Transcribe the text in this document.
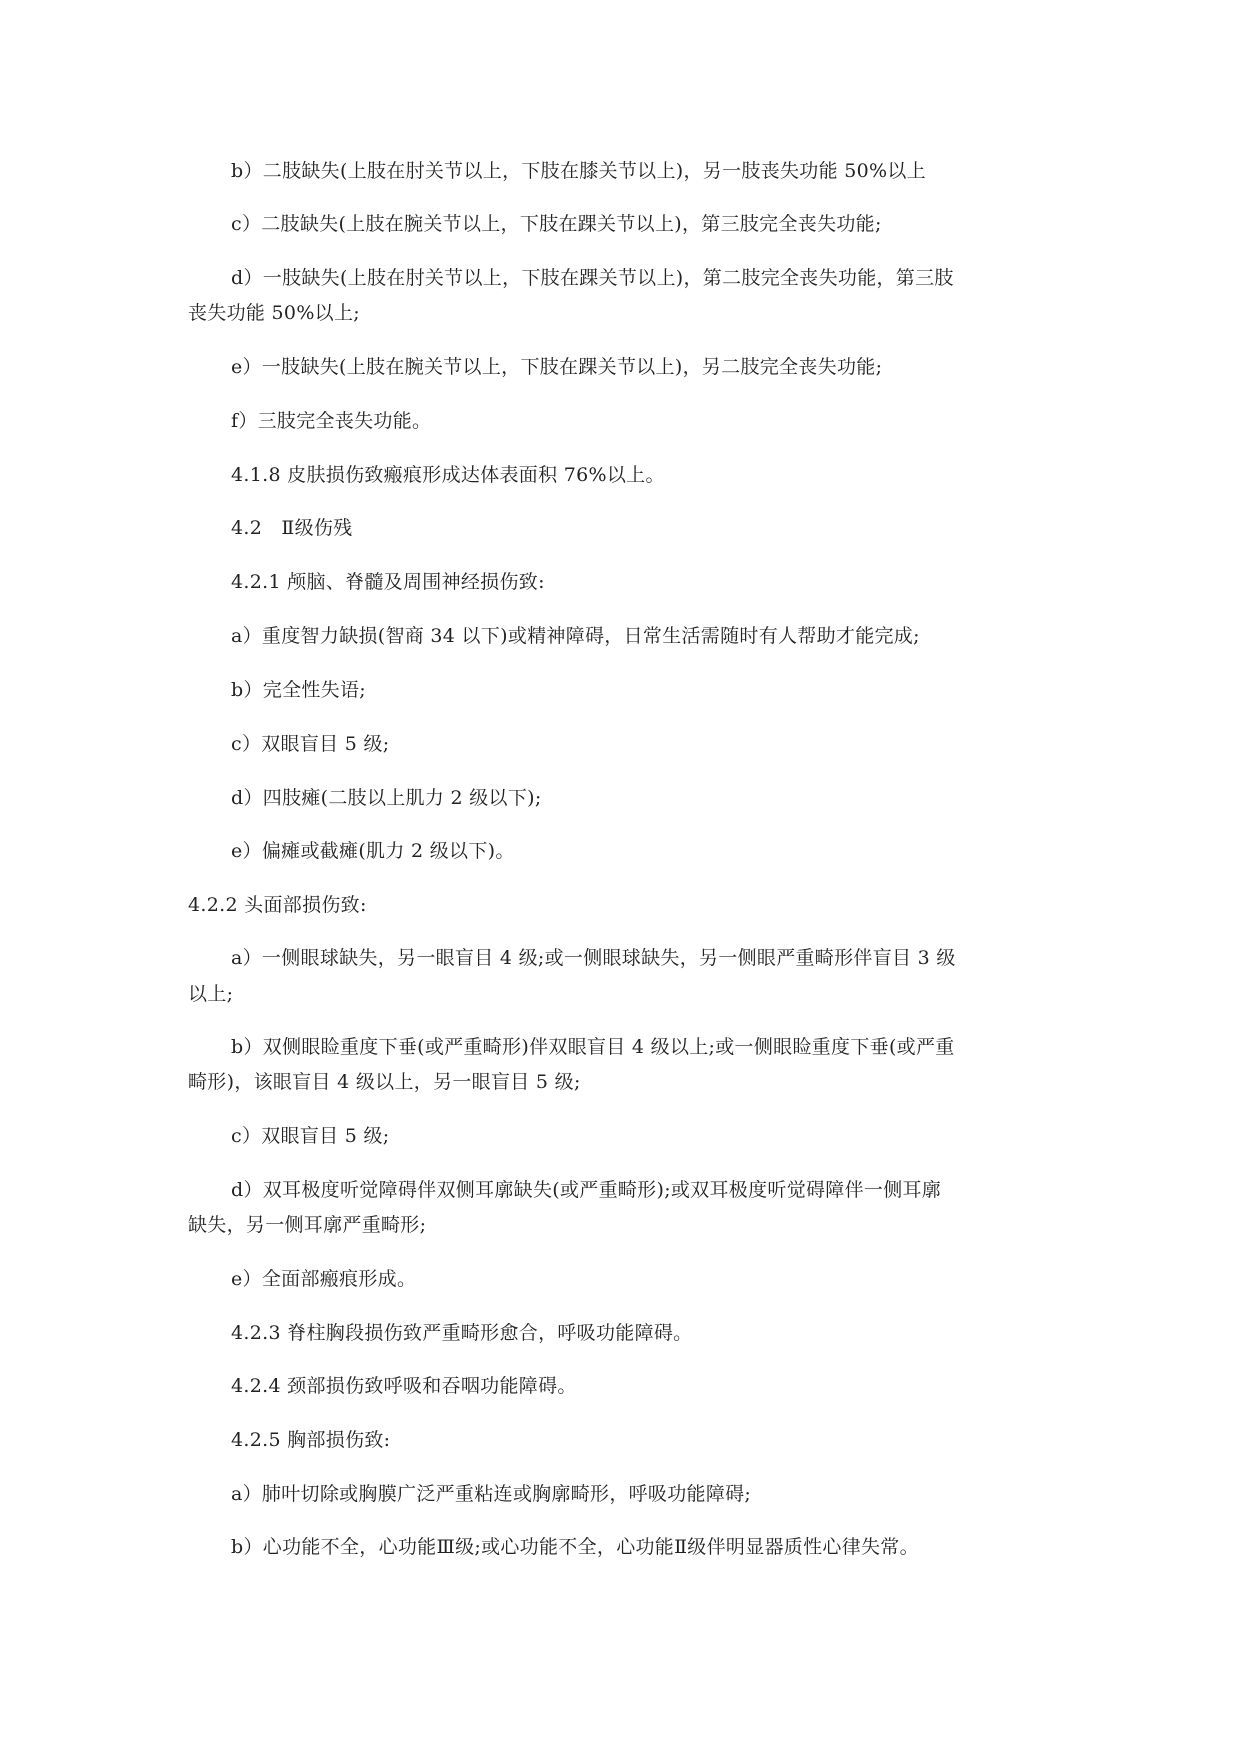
b）二肢缺失(上肢在肘关节以上，下肢在膝关节以上)，另一肢丧失功能 50%以上
c）二肢缺失(上肢在腕关节以上，下肢在踝关节以上)，第三肢完全丧失功能;
d）一肢缺失(上肢在肘关节以上，下肢在踝关节以上)，第二肢完全丧失功能，第三肢
丧失功能 50%以上;
e）一肢缺失(上肢在腕关节以上，下肢在踝关节以上)，另二肢完全丧失功能;
f）三肢完全丧失功能。
4.1.8 皮肤损伤致瘢痕形成达体表面积 76%以上。
4.2　Ⅱ级伤残
4.2.1 颅脑、脊髓及周围神经损伤致:
a）重度智力缺损(智商 34 以下)或精神障碍，日常生活需随时有人帮助才能完成;
b）完全性失语;
c）双眼盲目 5 级;
d）四肢瘫(二肢以上肌力 2 级以下);
e）偏瘫或截瘫(肌力 2 级以下)。
4.2.2 头面部损伤致:
a）一侧眼球缺失，另一眼盲目 4 级;或一侧眼球缺失，另一侧眼严重畸形伴盲目 3 级
以上;
b）双侧眼睑重度下垂(或严重畸形)伴双眼盲目 4 级以上;或一侧眼睑重度下垂(或严重
畸形)，该眼盲目 4 级以上，另一眼盲目 5 级;
c）双眼盲目 5 级;
d）双耳极度听觉障碍伴双侧耳廓缺失(或严重畸形);或双耳极度听觉碍障伴一侧耳廓
缺失，另一侧耳廓严重畸形;
e）全面部瘢痕形成。
4.2.3 脊柱胸段损伤致严重畸形愈合，呼吸功能障碍。
4.2.4 颈部损伤致呼吸和吞咽功能障碍。
4.2.5 胸部损伤致:
a）肺叶切除或胸膜广泛严重粘连或胸廓畸形，呼吸功能障碍;
b）心功能不全，心功能Ⅲ级;或心功能不全，心功能Ⅱ级伴明显器质性心律失常。
